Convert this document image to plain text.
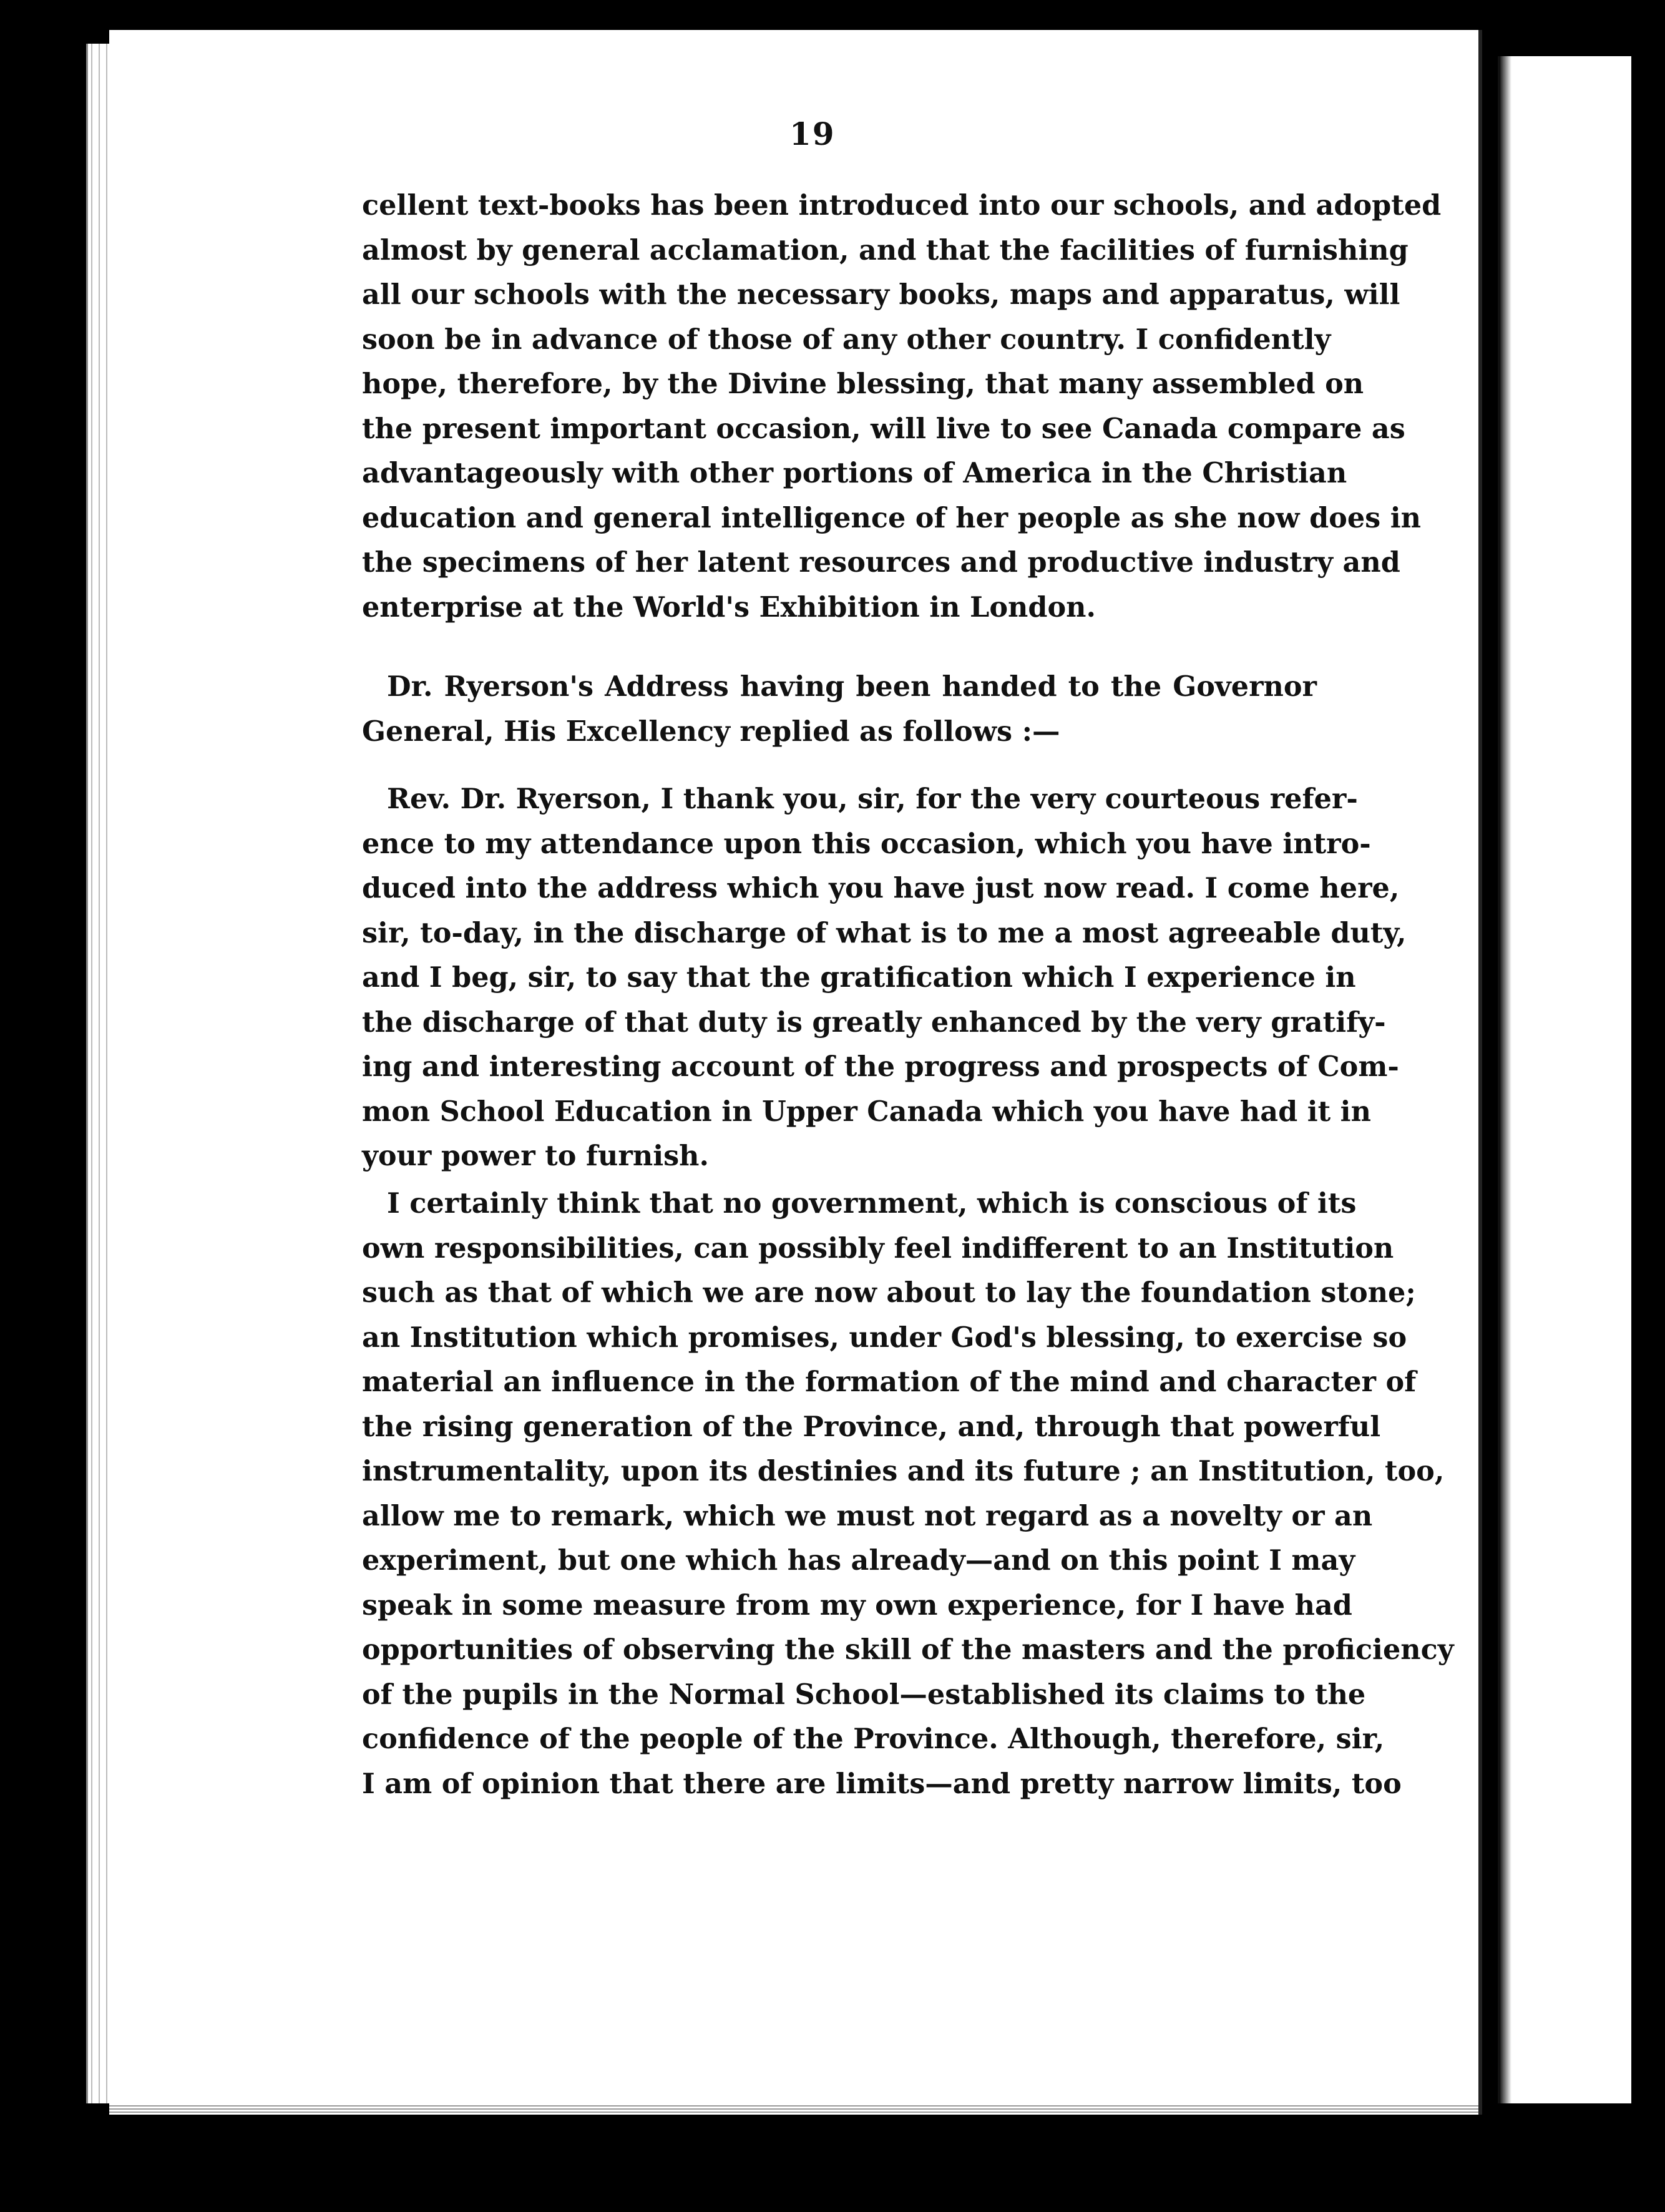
19
cellent text-books has been introduced into our schools, and adopted
almost by general acclamation, and that the facilities of furnishing
all our schools with the necessary books, maps and apparatus, will
soon be in advance of those of any other country. I confidently
hope, therefore, by the Divine blessing, that many assembled on
the present important occasion, will live to see Canada compare as
advantageously with other portions of America in the Christian
education and general intelligence of her people as she now does in
the specimens of her latent resources and productive industry and
enterprise at the World's Exhibition in London.
Dr. Ryerson's Address having been handed to the Governor
General, His Excellency replied as follows :—
Rev. Dr. Ryerson, I thank you, sir, for the very courteous refer-
ence to my attendance upon this occasion, which you have intro-
duced into the address which you have just now read. I come here,
sir, to-day, in the discharge of what is to me a most agreeable duty,
and I beg, sir, to say that the gratification which I experience in
the discharge of that duty is greatly enhanced by the very gratify-
ing and interesting account of the progress and prospects of Com-
mon School Education in Upper Canada which you have had it in
your power to furnish.
I certainly think that no government, which is conscious of its
own responsibilities, can possibly feel indifferent to an Institution
such as that of which we are now about to lay the foundation stone;
an Institution which promises, under God's blessing, to exercise so
material an influence in the formation of the mind and character of
the rising generation of the Province, and, through that powerful
instrumentality, upon its destinies and its future ; an Institution, too,
allow me to remark, which we must not regard as a novelty or an
experiment, but one which has already—and on this point I may
speak in some measure from my own experience, for I have had
opportunities of observing the skill of the masters and the proficiency
of the pupils in the Normal School—established its claims to the
confidence of the people of the Province. Although, therefore, sir,
I am of opinion that there are limits—and pretty narrow limits, too
